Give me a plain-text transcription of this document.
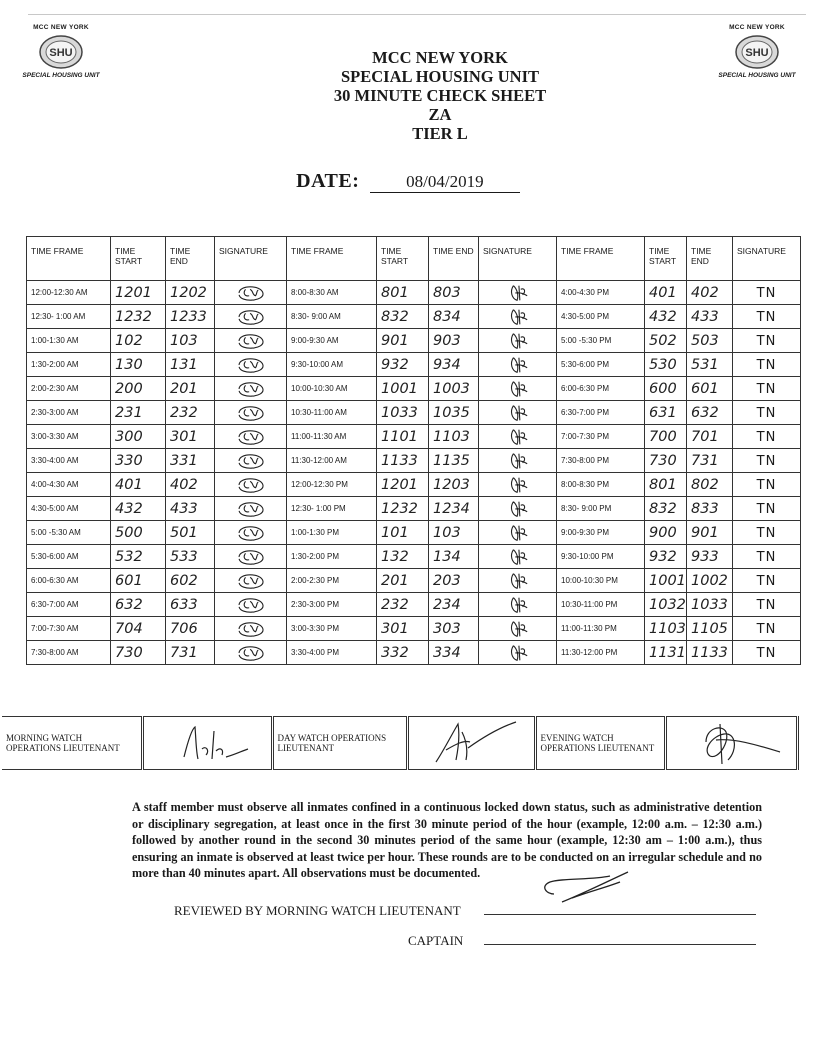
MCC NEW YORK
SHU
SPECIAL HOUSING UNIT
MCC NEW YORK
SHU
SPECIAL HOUSING UNIT
MCC NEW YORK
SPECIAL HOUSING UNIT
30 MINUTE CHECK SHEET
ZA
TIER L
DATE:	08/04/2019
TIME FRAME	TIME START	TIME END	SIGNATURE	TIME FRAME	TIME START	TIME END	SIGNATURE	TIME FRAME	TIME START	TIME END	SIGNATURE
12:00-12:30 AM	1201	1202		8:00-8:30 AM	801	803		4:00-4:30 PM	401	402	TN
12:30- 1:00 AM	1232	1233		8:30- 9:00 AM	832	834		4:30-5:00 PM	432	433	TN
1:00-1:30 AM	102	103		9:00-9:30 AM	901	903		5:00 -5:30 PM	502	503	TN
1:30-2:00 AM	130	131		9:30-10:00 AM	932	934		5:30-6:00 PM	530	531	TN
2:00-2:30 AM	200	201		10:00-10:30 AM	1001	1003		6:00-6:30 PM	600	601	TN
2:30-3:00 AM	231	232		10:30-11:00 AM	1033	1035		6:30-7:00 PM	631	632	TN
3:00-3:30 AM	300	301		11:00-11:30 AM	1101	1103		7:00-7:30 PM	700	701	TN
3:30-4:00 AM	330	331		11:30-12:00 AM	1133	1135		7:30-8:00 PM	730	731	TN
4:00-4:30 AM	401	402		12:00-12:30 PM	1201	1203		8:00-8:30 PM	801	802	TN
4:30-5:00 AM	432	433		12:30- 1:00 PM	1232	1234		8:30- 9:00 PM	832	833	TN
5:00 -5:30 AM	500	501		1:00-1:30 PM	101	103		9:00-9:30 PM	900	901	TN
5:30-6:00 AM	532	533		1:30-2:00 PM	132	134		9:30-10:00 PM	932	933	TN
6:00-6:30 AM	601	602		2:00-2:30 PM	201	203		10:00-10:30 PM	1001	1002	TN
6:30-7:00 AM	632	633		2:30-3:00 PM	232	234		10:30-11:00 PM	1032	1033	TN
7:00-7:30 AM	704	706		3:00-3:30 PM	301	303		11:00-11:30 PM	1103	1105	TN
7:30-8:00 AM	730	731		3:30-4:00 PM	332	334		11:30-12:00 PM	1131	1133	TN
MORNING WATCH OPERATIONS LIEUTENANT	
	DAY WATCH OPERATIONS LIEUTENANT	
	EVENING WATCH OPERATIONS LIEUTENANT	
A staff member must observe all inmates confined in a continuous locked down status, such as administrative detention or disciplinary segregation, at least once in the first 30 minute period of the hour (example, 12:00 a.m. – 12:30 a.m.) followed by another round in the second 30 minutes period of the same hour (example, 12:30 am – 1:00 a.m.), thus ensuring an inmate is observed at least twice per hour. These rounds are to be conducted on an irregular schedule and no more than 40 minutes apart. All observations must be documented.
REVIEWED BY MORNING WATCH LIEUTENANT
CAPTAIN
